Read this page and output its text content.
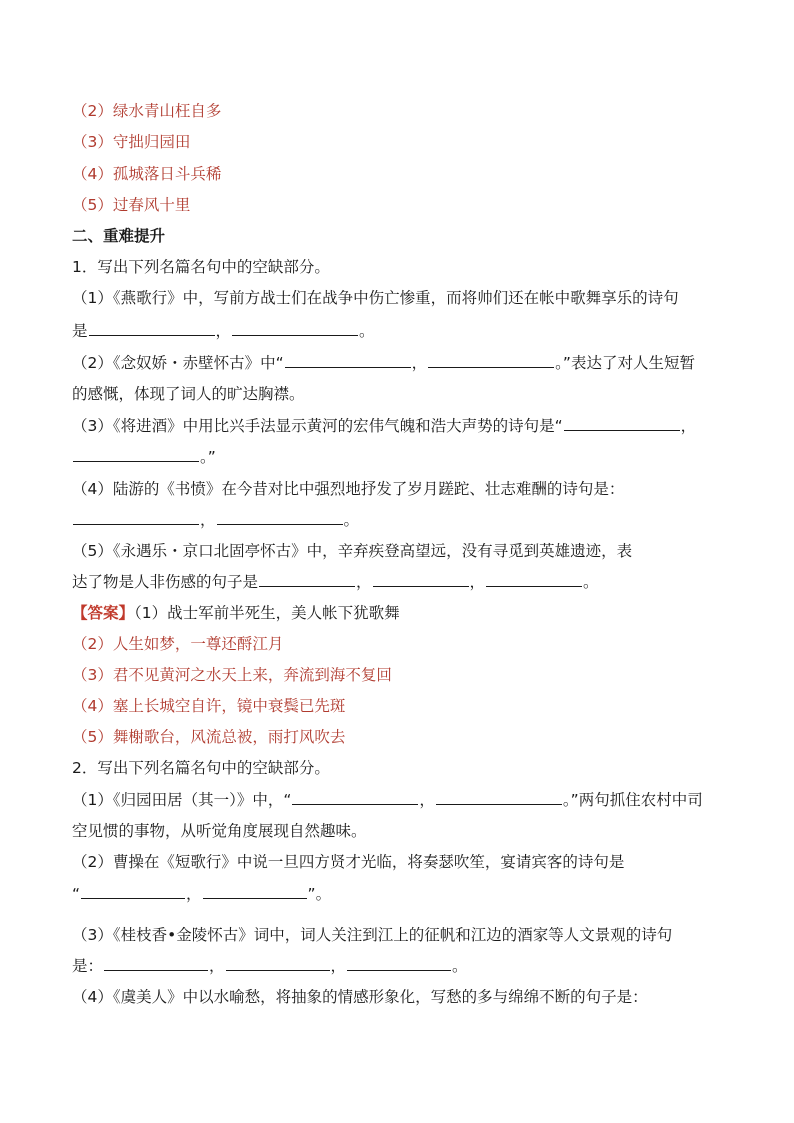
（2）绿水青山枉自多
（3）守拙归园田
（4）孤城落日斗兵稀
（5）过春风十里
二、重难提升
1．写出下列名篇名句中的空缺部分。
（1）《燕歌行》中，写前方战士们在战争中伤亡惨重，而将帅们还在帐中歌舞享乐的诗句
是	，	。
（2）《念奴娇・赤壁怀古》中“	，	。”表达了对人生短暂
的感慨，体现了词人的旷达胸襟。
（3）《将进酒》中用比兴手法显示黄河的宏伟气魄和浩大声势的诗句是“	，
。”
（4）陆游的《书愤》在今昔对比中强烈地抒发了岁月蹉跎、壮志难酬的诗句是：
，	。
（5）《永遇乐・京口北固亭怀古》中，辛弃疾登高望远，没有寻觅到英雄遗迹，表
达了物是人非伤感的句子是	，	，	。
【答案】（1）战士军前半死生，美人帐下犹歌舞
（2）人生如梦，一尊还酹江月
（3）君不见黄河之水天上来，奔流到海不复回
（4）塞上长城空自许，镜中衰鬓已先斑
（5）舞榭歌台，风流总被，雨打风吹去
2．写出下列名篇名句中的空缺部分。
（1）《归园田居（其一）》中，“	，	。”两句抓住农村中司
空见惯的事物，从听觉角度展现自然趣味。
（2）曹操在《短歌行》中说一旦四方贤才光临，将奏瑟吹笙，宴请宾客的诗句是
“	，	”。
（3）《桂枝香•金陵怀古》词中，词人关注到江上的征帆和江边的酒家等人文景观的诗句
是：	，	，	。
（4）《虞美人》中以水喻愁，将抽象的情感形象化，写愁的多与绵绵不断的句子是：
